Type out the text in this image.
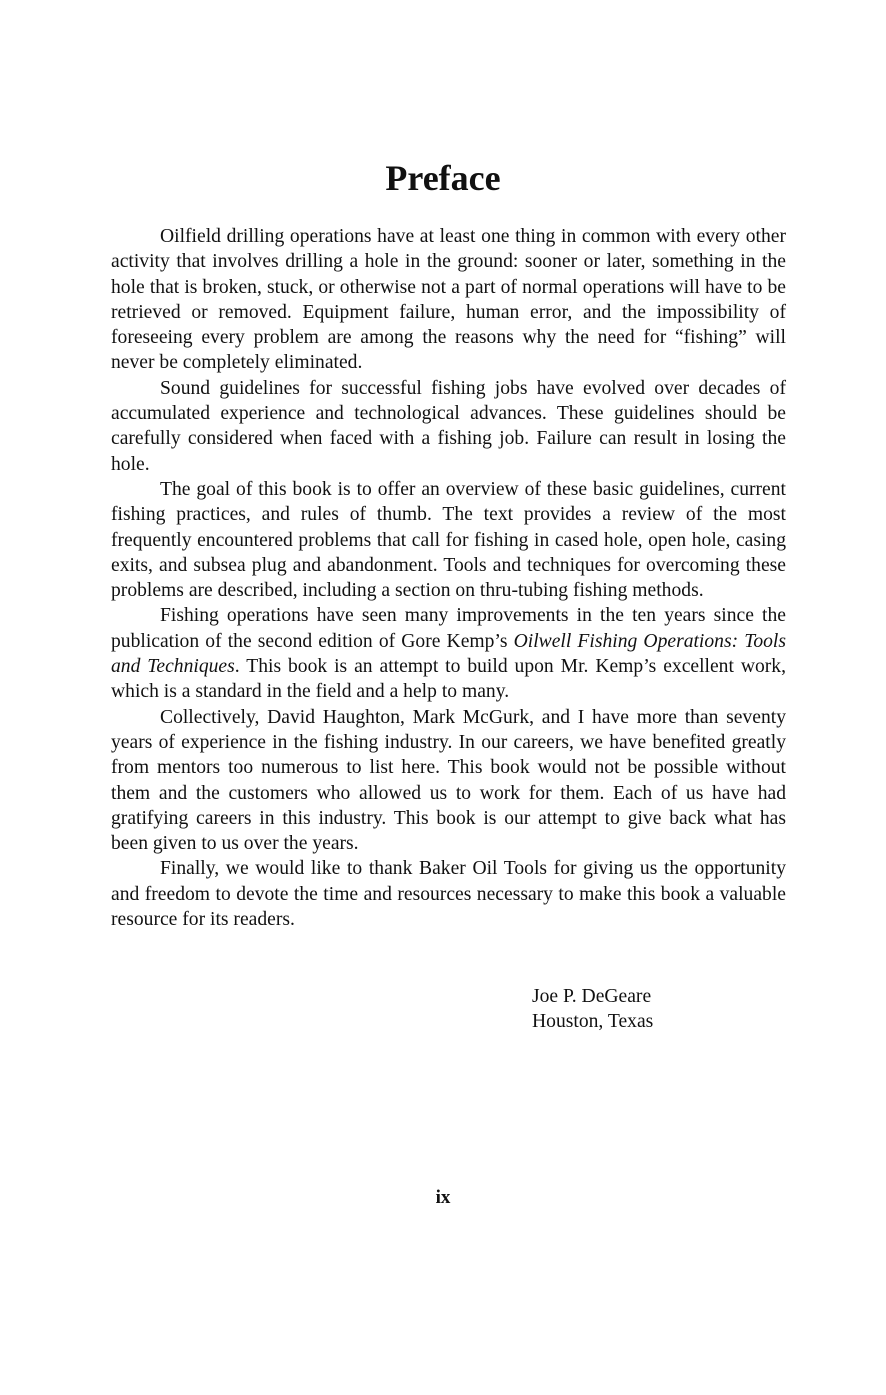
Preface

Oilfield drilling operations have at least one thing in common with every other activity that involves drilling a hole in the ground: sooner or later, something in the hole that is broken, stuck, or otherwise not a part of normal operations will have to be retrieved or removed. Equipment failure, human error, and the impossibility of foreseeing every problem are among the reasons why the need for “fishing” will never be completely eliminated.

Sound guidelines for successful fishing jobs have evolved over decades of accumulated experience and technological advances. These guidelines should be carefully considered when faced with a fishing job. Failure can result in losing the hole.

The goal of this book is to offer an overview of these basic guidelines, current fishing practices, and rules of thumb. The text provides a review of the most frequently encountered problems that call for fishing in cased hole, open hole, casing exits, and subsea plug and abandonment. Tools and techniques for overcoming these problems are described, including a section on thru-tubing fishing methods.

Fishing operations have seen many improvements in the ten years since the publication of the second edition of Gore Kemp’s Oilwell Fishing Operations: Tools and Techniques. This book is an attempt to build upon Mr. Kemp’s excellent work, which is a standard in the field and a help to many.

Collectively, David Haughton, Mark McGurk, and I have more than seventy years of experience in the fishing industry. In our careers, we have benefited greatly from mentors too numerous to list here. This book would not be possible without them and the customers who allowed us to work for them. Each of us have had gratifying careers in this industry. This book is our attempt to give back what has been given to us over the years.

Finally, we would like to thank Baker Oil Tools for giving us the opportunity and freedom to devote the time and resources necessary to make this book a valuable resource for its readers.

Joe P. DeGeare
Houston, Texas
ix
